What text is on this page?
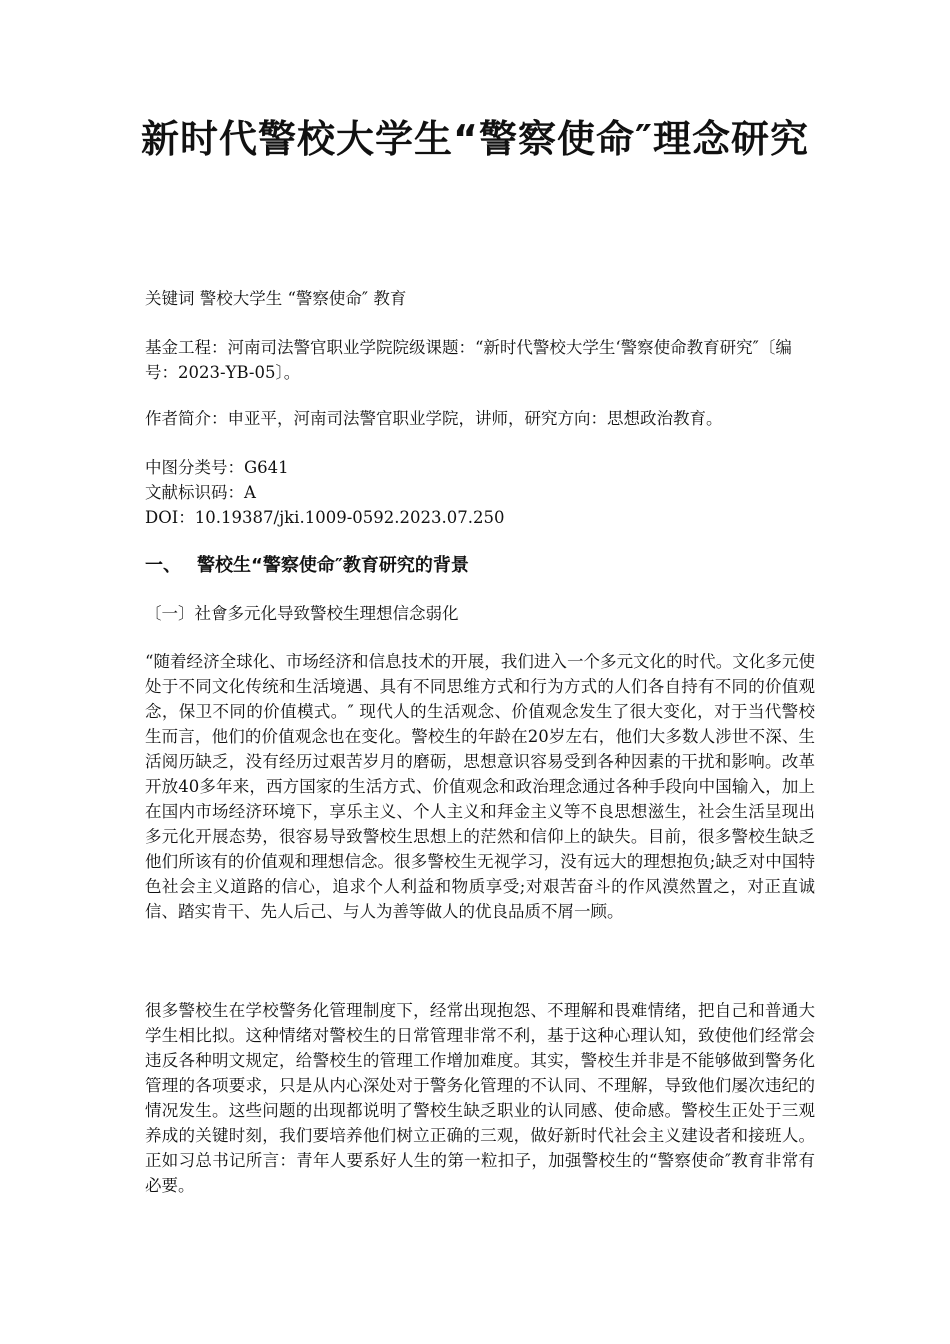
新时代警校大学生“警察使命″理念研究

关键词 警校大学生 “警察使命″ 教育

基金工程：河南司法警官职业学院院级课题：“新时代警校大学生‘警察使命教育研究″〔编号：2023-YB-05〕。

作者简介：申亚平，河南司法警官职业学院，讲师，研究方向：思想政治教育。

中图分类号：G641

文献标识码：A

DOI：10.19387/jki.1009-0592.2023.07.250

一、 警校生“警察使命″教育研究的背景

〔一〕社會多元化导致警校生理想信念弱化

“随着经济全球化、市场经济和信息技术的开展，我们进入一个多元文化的时代。文化多元使处于不同文化传统和生活境遇、具有不同思维方式和行为方式的人们各自持有不同的价值观念，保卫不同的价值模式。″ 现代人的生活观念、价值观念发生了很大变化，对于当代警校生而言，他们的价值观念也在变化。警校生的年龄在20岁左右，他们大多数人涉世不深、生活阅历缺乏，没有经历过艰苦岁月的磨砺，思想意识容易受到各种因素的干扰和影响。改革开放40多年来，西方国家的生活方式、价值观念和政治理念通过各种手段向中国输入，加上在国内市场经济环境下，享乐主义、个人主义和拜金主义等不良思想滋生，社会生活呈现出多元化开展态势，很容易导致警校生思想上的茫然和信仰上的缺失。目前，很多警校生缺乏他们所该有的价值观和理想信念。很多警校生无视学习，没有远大的理想抱负;缺乏对中国特色社会主义道路的信心，追求个人利益和物质享受;对艰苦奋斗的作风漠然置之，对正直诚信、踏实肯干、先人后己、与人为善等做人的优良品质不屑一顾。

很多警校生在学校警务化管理制度下，经常出现抱怨、不理解和畏难情绪，把自己和普通大学生相比拟。这种情绪对警校生的日常管理非常不利，基于这种心理认知，致使他们经常会违反各种明文规定，给警校生的管理工作增加难度。其实，警校生并非是不能够做到警务化管理的各项要求，只是从内心深处对于警务化管理的不认同、不理解，导致他们屡次违纪的情况发生。这些问题的出现都说明了警校生缺乏职业的认同感、使命感。警校生正处于三观养成的关键时刻，我们要培养他们树立正确的三观，做好新时代社会主义建设者和接班人。正如习总书记所言：青年人要系好人生的第一粒扣子，加强警校生的“警察使命″教育非常有必要。
